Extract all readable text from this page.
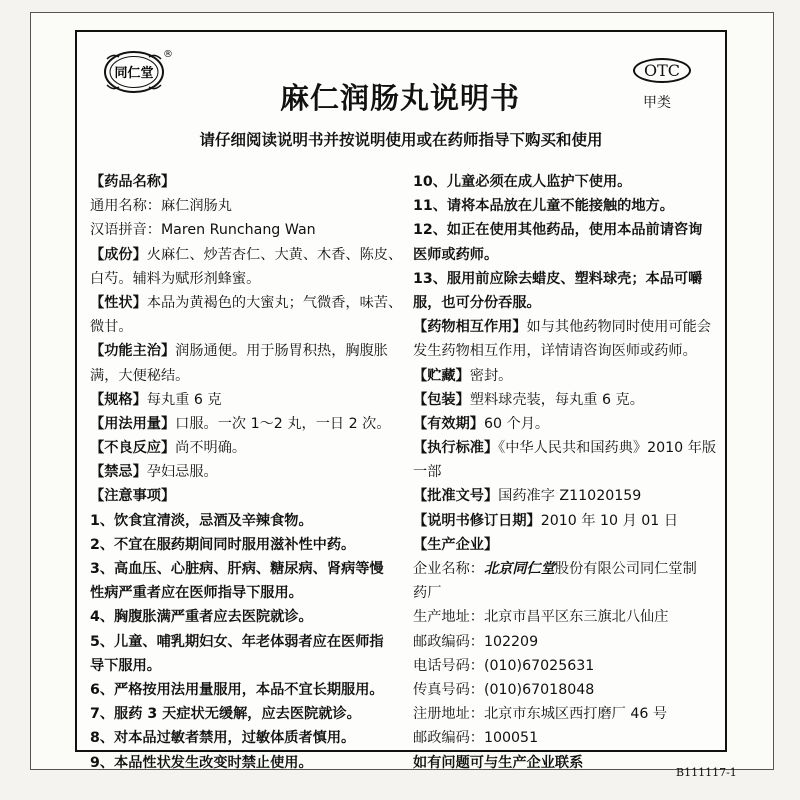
同仁堂
®
麻仁润肠丸说明书
OTC
甲类
请仔细阅读说明书并按说明使用或在药师指导下购买和使用
【药品名称】
通用名称：麻仁润肠丸
汉语拼音：Maren Runchang Wan
【成份】火麻仁、炒苦杏仁、大黄、木香、陈皮、
白芍。辅料为赋形剂蜂蜜。
【性状】本品为黄褐色的大蜜丸；气微香，味苦、
微甘。
【功能主治】润肠通便。用于肠胃积热，胸腹胀
满，大便秘结。
【规格】每丸重 6 克
【用法用量】口服。一次 1～2 丸，一日 2 次。
【不良反应】尚不明确。
【禁忌】孕妇忌服。
【注意事项】
1、饮食宜清淡，忌酒及辛辣食物。
2、不宜在服药期间同时服用滋补性中药。
3、高血压、心脏病、肝病、糖尿病、肾病等慢
性病严重者应在医师指导下服用。
4、胸腹胀满严重者应去医院就诊。
5、儿童、哺乳期妇女、年老体弱者应在医师指
导下服用。
6、严格按用法用量服用，本品不宜长期服用。
7、服药 3 天症状无缓解，应去医院就诊。
8、对本品过敏者禁用，过敏体质者慎用。
9、本品性状发生改变时禁止使用。
10、儿童必须在成人监护下使用。
11、请将本品放在儿童不能接触的地方。
12、如正在使用其他药品，使用本品前请咨询
医师或药师。
13、服用前应除去蜡皮、塑料球壳；本品可嚼
服，也可分份吞服。
【药物相互作用】如与其他药物同时使用可能会
发生药物相互作用，详情请咨询医师或药师。
【贮藏】密封。
【包装】塑料球壳装，每丸重 6 克。
【有效期】60 个月。
【执行标准】《中华人民共和国药典》2010 年版
一部
【批准文号】国药准字 Z11020159
【说明书修订日期】2010 年 10 月 01 日
【生产企业】
企业名称：北京同仁堂股份有限公司同仁堂制
药厂
生产地址：北京市昌平区东三旗北八仙庄
邮政编码：102209
电话号码：(010)67025631
传真号码：(010)67018048
注册地址：北京市东城区西打磨厂 46 号
邮政编码：100051
如有问题可与生产企业联系
B111117-1
